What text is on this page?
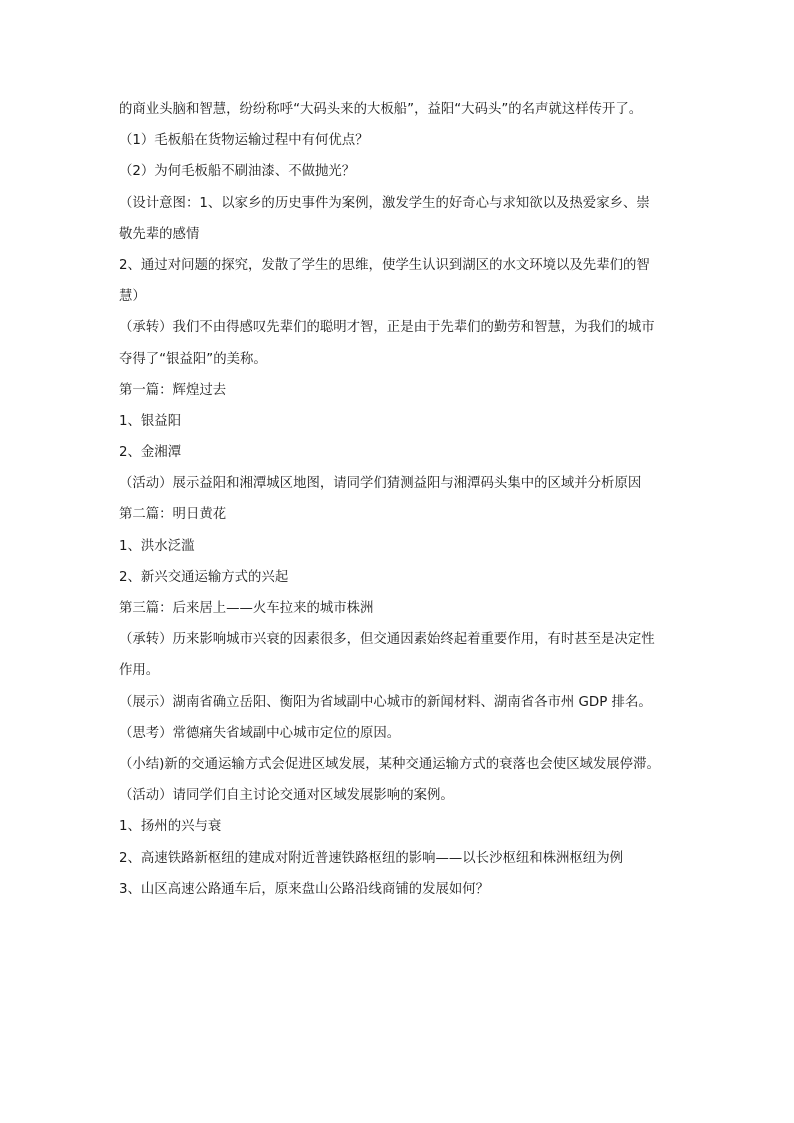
的商业头脑和智慧，纷纷称呼“大码头来的大板船”，益阳“大码头”的名声就这样传开了。
（1）毛板船在货物运输过程中有何优点？
（2）为何毛板船不刷油漆、不做抛光？
（设计意图：1、以家乡的历史事件为案例，激发学生的好奇心与求知欲以及热爱家乡、崇
敬先辈的感情
2、通过对问题的探究，发散了学生的思维，使学生认识到湖区的水文环境以及先辈们的智
慧）
（承转）我们不由得感叹先辈们的聪明才智，正是由于先辈们的勤劳和智慧，为我们的城市
夺得了“银益阳”的美称。
第一篇：辉煌过去
1、银益阳
2、金湘潭
（活动）展示益阳和湘潭城区地图，请同学们猜测益阳与湘潭码头集中的区域并分析原因
第二篇：明日黄花
1、洪水泛滥
2、新兴交通运输方式的兴起
第三篇：后来居上——火车拉来的城市株洲
（承转）历来影响城市兴衰的因素很多，但交通因素始终起着重要作用，有时甚至是决定性
作用。
（展示）湖南省确立岳阳、衡阳为省域副中心城市的新闻材料、湖南省各市州 GDP 排名。
（思考）常德痛失省域副中心城市定位的原因。
（小结)新的交通运输方式会促进区域发展，某种交通运输方式的衰落也会使区域发展停滞。
（活动）请同学们自主讨论交通对区域发展影响的案例。
1、扬州的兴与衰
2、高速铁路新枢纽的建成对附近普速铁路枢纽的影响——以长沙枢纽和株洲枢纽为例
3、山区高速公路通车后，原来盘山公路沿线商铺的发展如何？
